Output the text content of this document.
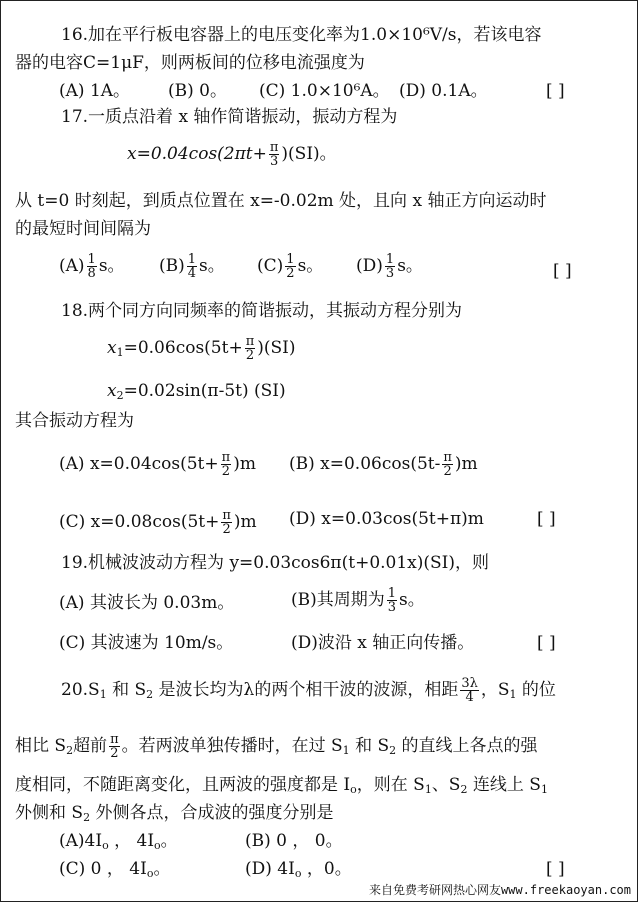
16.加在平行板电容器上的电压变化率为1.0×10⁶V/s，若该电容
器的电容C=1μF，则两板间的位移电流强度为
(A) 1A。 (B) 0。 (C) 1.0×10⁶A。 (D) 0.1A。	[ ]
17.一质点沿着 x 轴作简谐振动，振动方程为
$x=0.04\cos(2\pi t+ \frac{\pi}{3} )(SI)$。
从 t=0 时刻起，到质点位置在 x=-0.02m 处，且向 x 轴正方向运动时
的最短时间间隔为
$(A) \frac{1}{8}$ s。 $(B) \frac{1}{4}$ s。 $(C) \frac{1}{2}$ s。 $(D) \frac{1}{3}$ s。	[ ]
18.两个同方向同频率的简谐振动，其振动方程分别为
$x_1=0.06\cos(5t+ \frac{\pi}{2} )(SI)$
$x_2=0.02\sin(\pi-5t)$ (SI)
其合振动方程为
(A) $x=0.04\cos(5t+ \frac{\pi}{2} )m$ (B) $x=0.06\cos(5t- \frac{\pi}{2} )m$
(C) $x=0.08\cos(5t+ \frac{\pi}{2} )m$ (D) x=0.03cos(5t+π)m	[ ]
19.机械波波动方程为 y=0.03cos6π(t+0.01x)(SI)，则
(A) 其波长为 0.03m。	(B)其周期为 $\frac{1}{3}$ s。
(C) 其波速为 10m/s。	(D)波沿 x 轴正向传播。	[ ]
$20.S_1$ 和 $S_2$ 是波长均为λ的两个相干波的波源，相距 $\frac{3\lambda}{4}$ ，$S_1$ 的位
相比 $S_2$超前 $\frac{\pi}{2}$ 。若两波单独传播时，在过 $S_1$ 和 $S_2$ 的直线上各点的强
度相同，不随距离变化，且两波的强度都是 $I_o$，则在 $S_1$、$S_2$ 连线上 $S_1$
外侧和 $S_2$ 外侧各点，合成波的强度分别是
$(A)4I_o$ ， $4I_o$。	(B) 0 ， 0。
(C) 0 ， $4I_o$。	(D) $4I_o$ ，0。	[ ]
来自免费考研网热心网友www.freekaoyan.com
